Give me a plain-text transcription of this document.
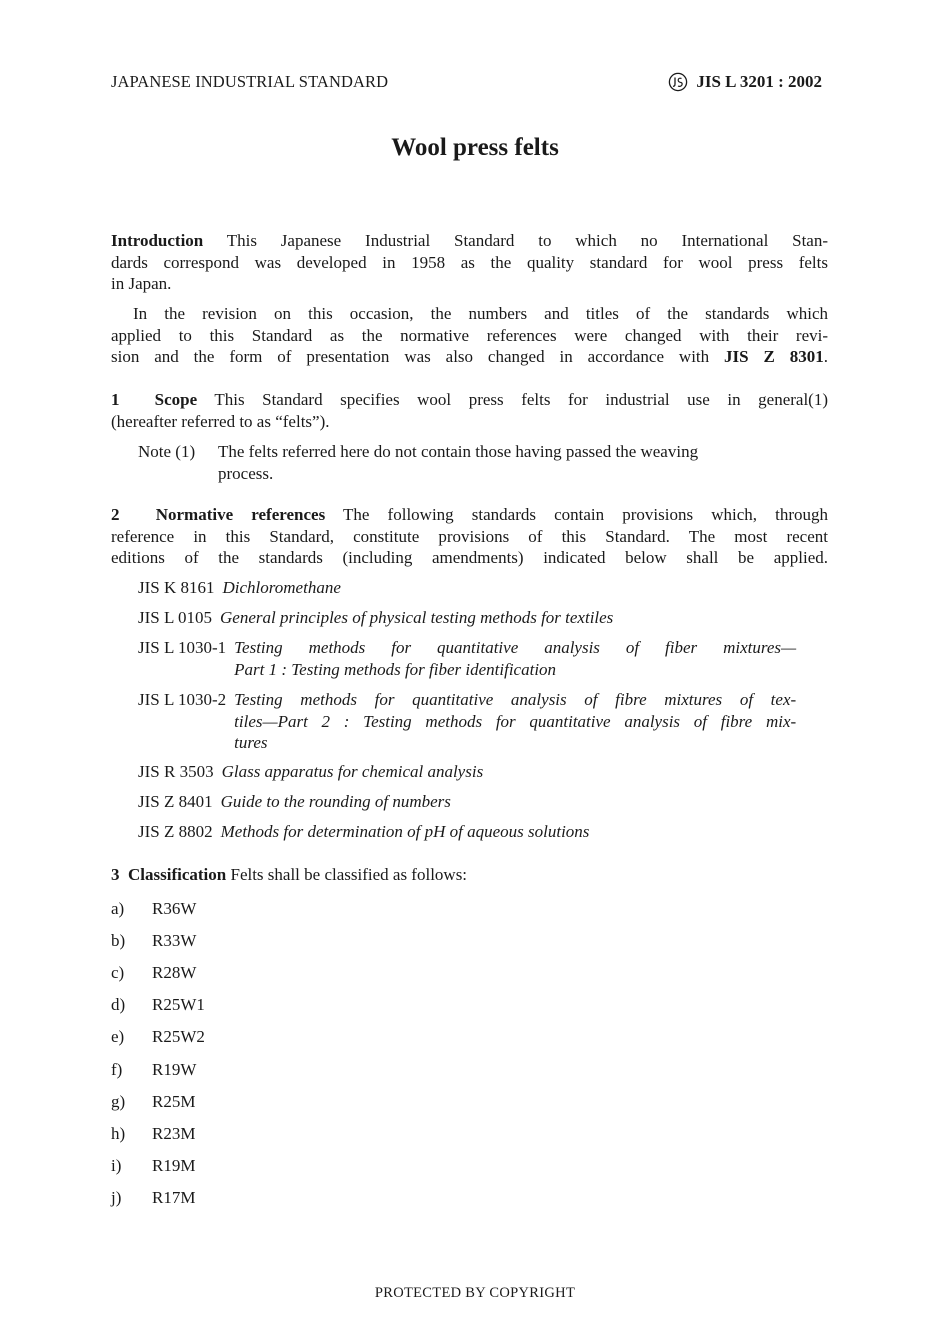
JAPANESE INDUSTRIAL STANDARD	JIS L 3201 : 2002
Wool press felts
Introduction This Japanese Industrial Standard to which no International Stan-
dards correspond was developed in 1958 as the quality standard for wool press felts
in Japan.
In the revision on this occasion, the numbers and titles of the standards which
applied to this Standard as the normative references were changed with their revi-
sion and the form of presentation was also changed in accordance with JIS Z 8301.
1 Scope This Standard specifies wool press felts for industrial use in general(1)
(hereafter referred to as “felts”).
Note (1) The felts referred here do not contain those having passed the weaving
process.
2 Normative references The following standards contain provisions which, through
reference in this Standard, constitute provisions of this Standard. The most recent
editions of the standards (including amendments) indicated below shall be applied.
JIS K 8161 Dichloromethane
JIS L 0105 General principles of physical testing methods for textiles
JIS L 1030-1 Testing methods for quantitative analysis of fiber mixtures—
Part 1 : Testing methods for fiber identification
JIS L 1030-2 Testing methods for quantitative analysis of fibre mixtures of tex-
tiles—Part 2 : Testing methods for quantitative analysis of fibre mix-
tures
JIS R 3503 Glass apparatus for chemical analysis
JIS Z 8401 Guide to the rounding of numbers
JIS Z 8802 Methods for determination of pH of aqueous solutions
3 Classification Felts shall be classified as follows:
a)	R36W
b)	R33W
c)	R28W
d)	R25W1
e)	R25W2
f)	R19W
g)	R25M
h)	R23M
i)	R19M
j)	R17M
PROTECTED BY COPYRIGHT
